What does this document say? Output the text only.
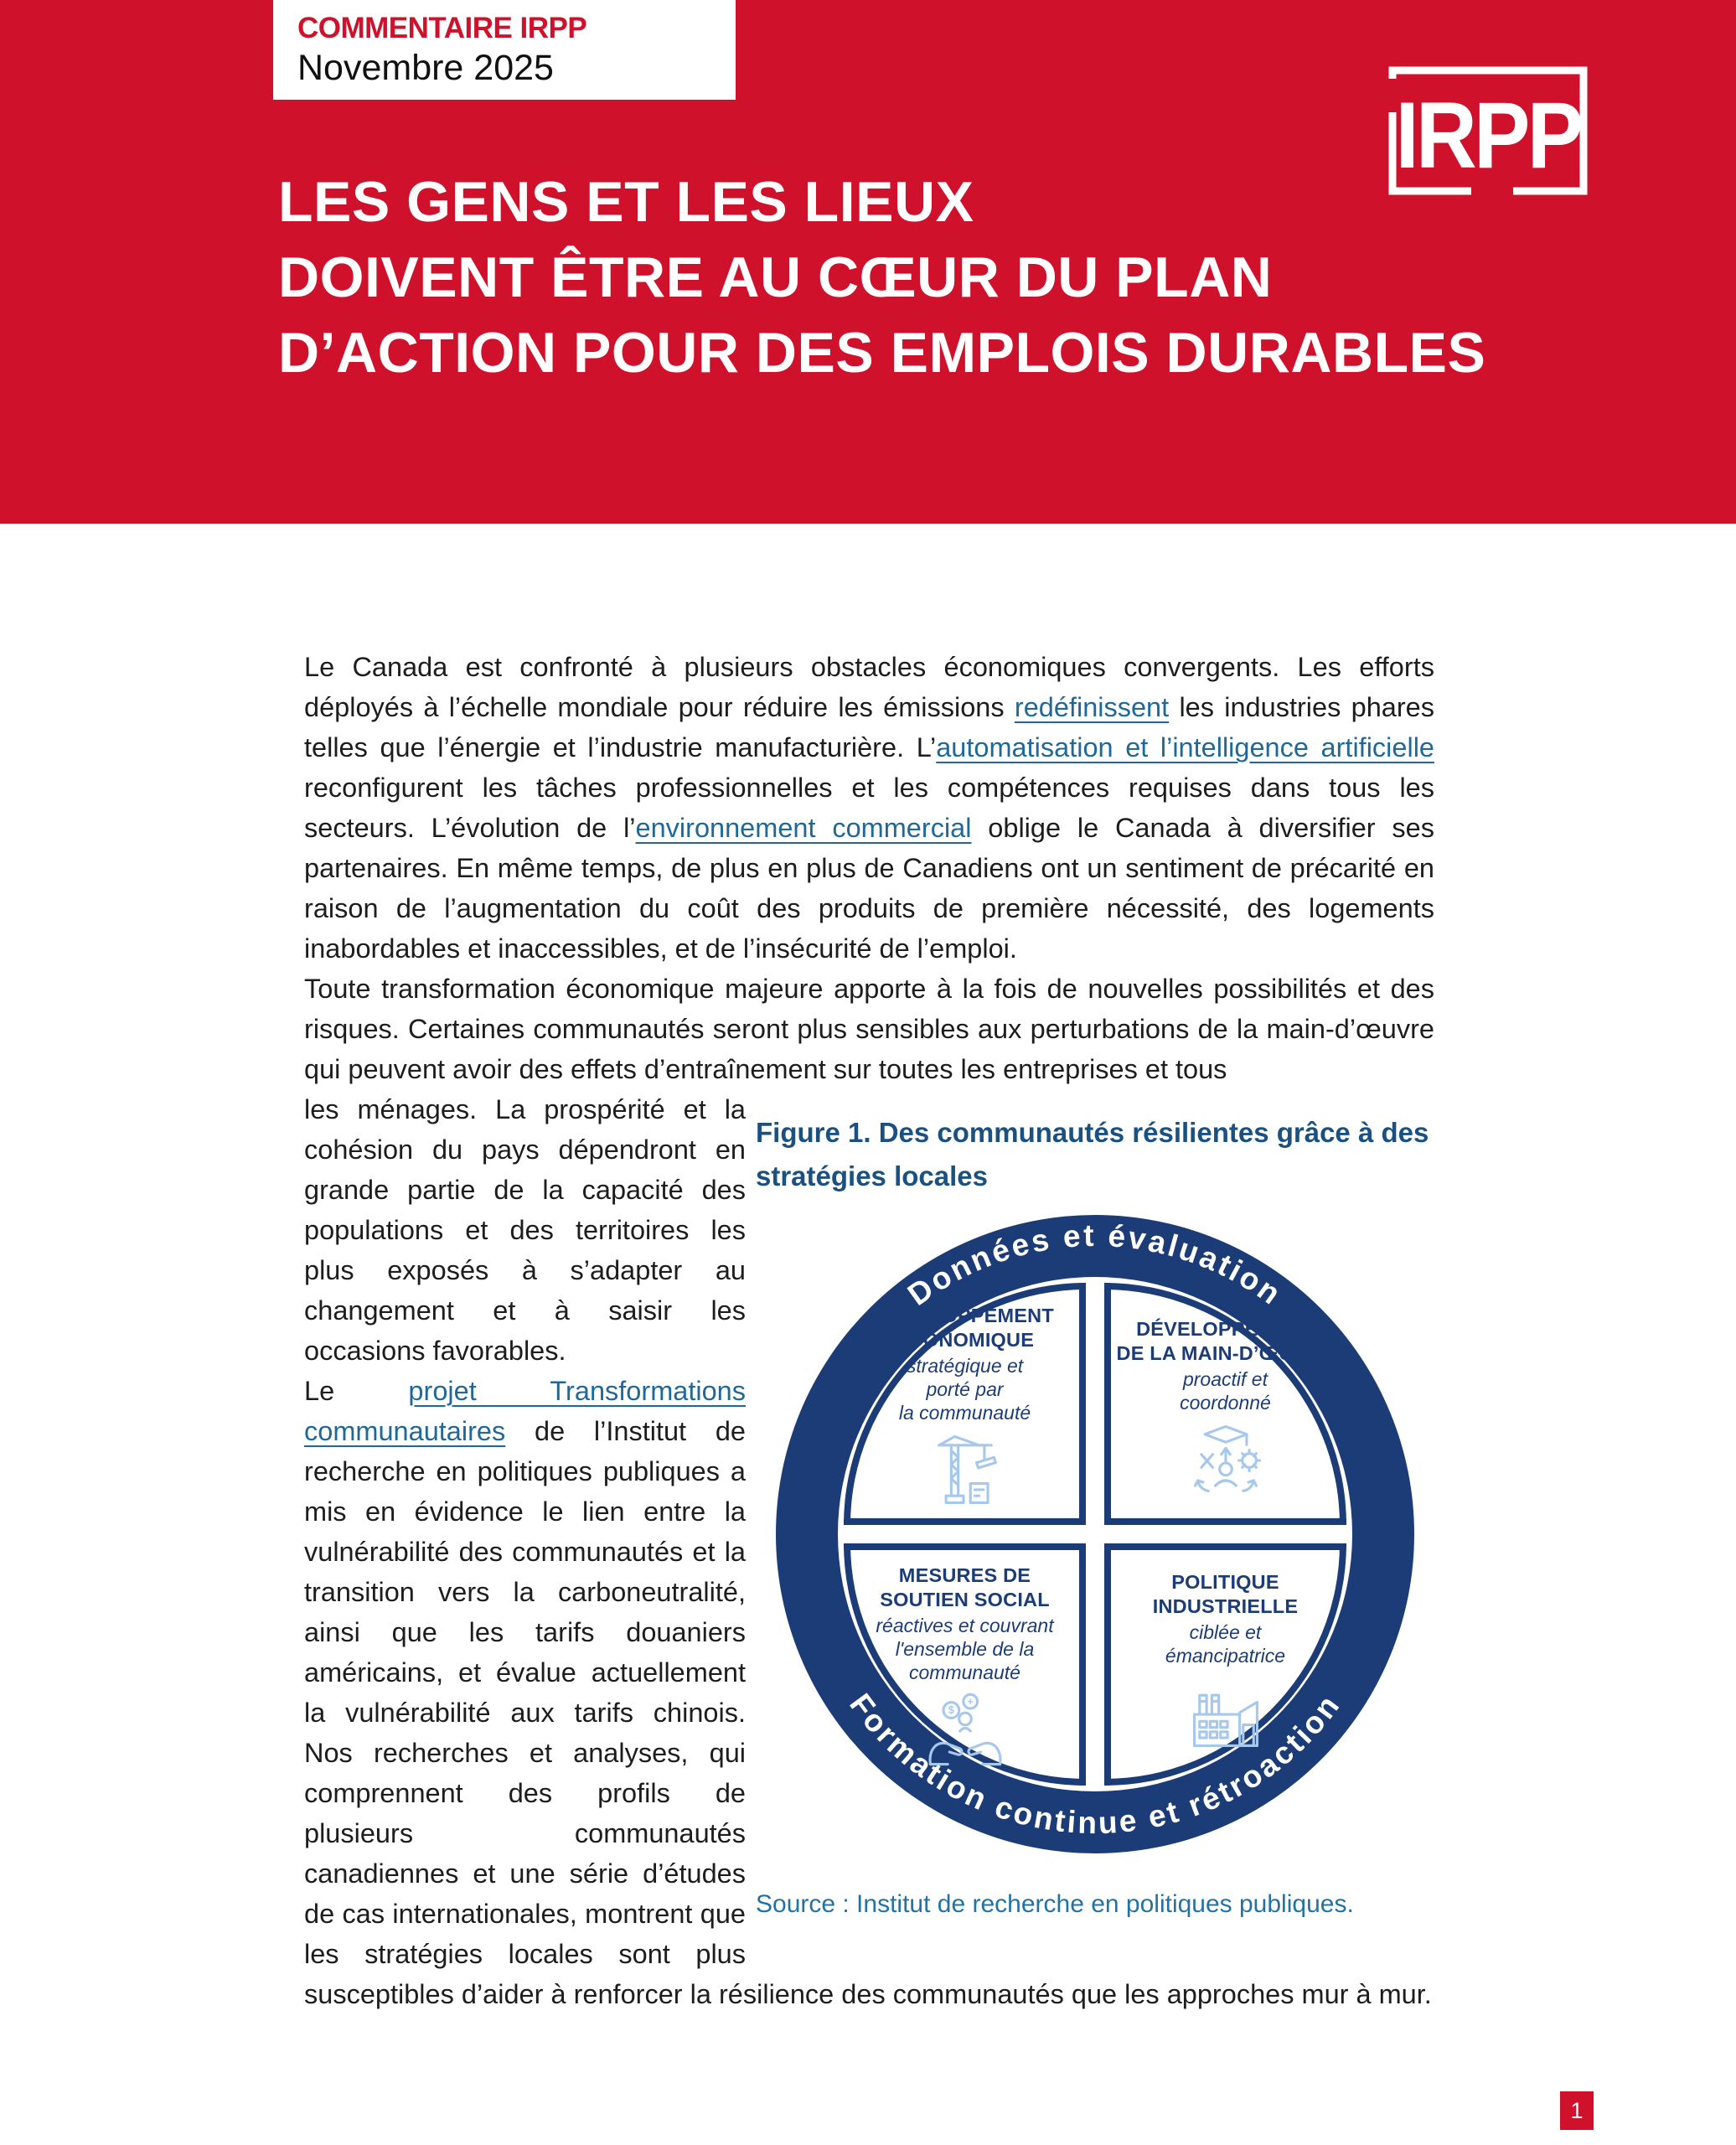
COMMENTAIRE IRPP
Novembre 2025
IRPP
LES GENS ET LES LIEUX
DOIVENT ÊTRE AU CŒUR DU PLAN
D’ACTION POUR DES EMPLOIS DURABLES

Le Canada est confronté à plusieurs obstacles économiques convergents. Les efforts déployés à l’échelle mondiale pour réduire les émissions redéfinissent les industries phares telles que l’énergie et l’industrie manufacturière. L’automatisation et l’intelligence artificielle reconfigurent les tâches professionnelles et les compétences requises dans tous les secteurs. L’évolution de l’environnement commercial oblige le Canada à diversifier ses partenaires. En même temps, de plus en plus de Canadiens ont un sentiment de précarité en raison de l’augmentation du coût des produits de première nécessité, des logements inabordables et inaccessibles, et de l’insécurité de l’emploi.

Toute transformation économique majeure apporte à la fois de nouvelles possibilités et des risques. Certaines communautés seront plus sensibles aux perturbations de la main-d’œuvre qui peuvent avoir des effets d’entraînement sur toutes les entreprises et tous

Figure 1. Des communautés résilientes grâce à des
stratégies locales
DÉVELOPPEMENT
ÉCONOMIQUE
stratégique et
porté par
la communauté
DÉVELOPPEMENT
DE LA MAIN-D’ŒUVRE
proactif et
coordonné
MESURES DE
SOUTIEN SOCIAL
réactives et couvrant
l'ensemble de la
communauté
$
+
POLITIQUE
INDUSTRIELLE
ciblée et
émancipatrice
Données et évaluation
Formation continue et rétroaction
Source : Institut de recherche en politiques publiques.

les ménages. La prospérité et la cohésion du pays dépendront en grande partie de la capacité des populations et des territoires les plus exposés à s’adapter au changement et à saisir les occasions favorables.

Le projet Transformations communautaires de l’Institut de recherche en politiques publiques a mis en évidence le lien entre la vulnérabilité des communautés et la transition vers la carboneutralité, ainsi que les tarifs douaniers américains, et évalue actuellement la vulnérabilité aux tarifs chinois. Nos recherches et analyses, qui comprennent des profils de plusieurs communautés canadiennes et une série d’études de cas internationales, montrent que les stratégies locales sont plus susceptibles d’aider à renforcer la résilience des communautés que les approches mur à mur.

1
